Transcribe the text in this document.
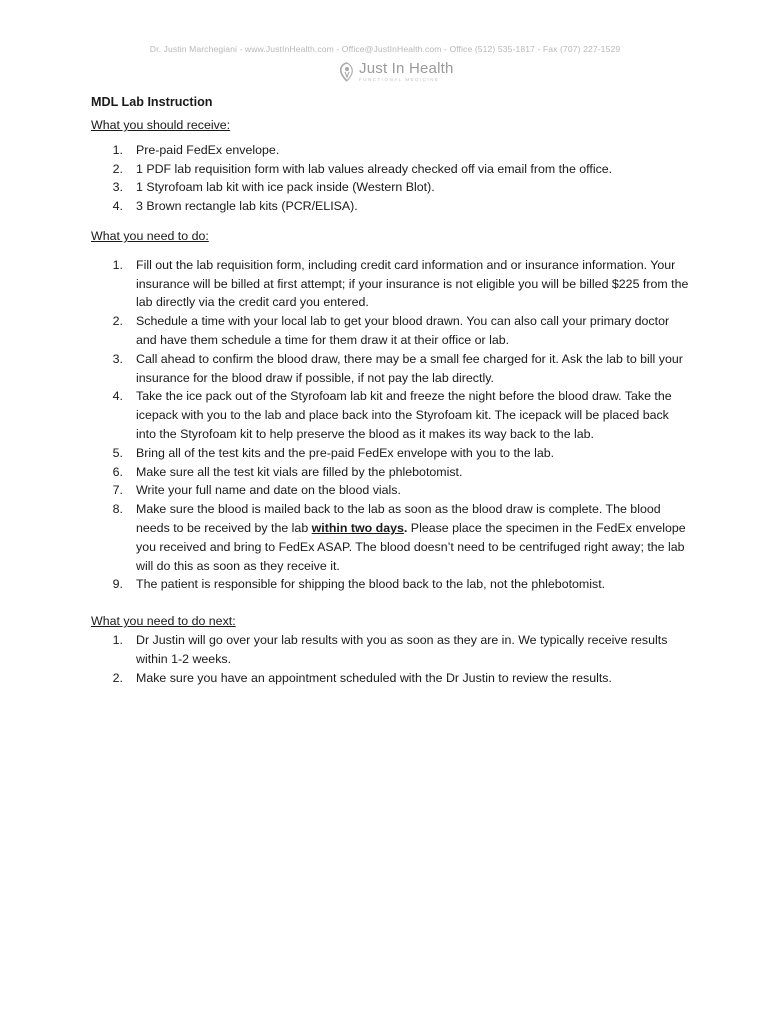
Dr. Justin Marchegiani - www.JustInHealth.com - Office@JustInHealth.com - Office (512) 535-1817 - Fax (707) 227-1529
Just In Health
FUNCTIONAL MEDICINE

MDL Lab Instruction

What you should receive:

1.	Pre-paid FedEx envelope.
2.	1 PDF lab requisition form with lab values already checked off via email from the office.
3.	1 Styrofoam lab kit with ice pack inside (Western Blot).
4.	3 Brown rectangle lab kits (PCR/ELISA).

What you need to do:

1.	Fill out the lab requisition form, including credit card information and or insurance information. Your insurance will be billed at first attempt; if your insurance is not eligible you will be billed $225 from the lab directly via the credit card you entered.
2.	Schedule a time with your local lab to get your blood drawn. You can also call your primary doctor and have them schedule a time for them draw it at their office or lab.
3.	Call ahead to confirm the blood draw, there may be a small fee charged for it. Ask the lab to bill your insurance for the blood draw if possible, if not pay the lab directly.
4.	Take the ice pack out of the Styrofoam lab kit and freeze the night before the blood draw. Take the icepack with you to the lab and place back into the Styrofoam kit. The icepack will be placed back into the Styrofoam kit to help preserve the blood as it makes its way back to the lab.
5.	Bring all of the test kits and the pre-paid FedEx envelope with you to the lab.
6.	Make sure all the test kit vials are filled by the phlebotomist.
7.	Write your full name and date on the blood vials.
8.	Make sure the blood is mailed back to the lab as soon as the blood draw is complete. The blood needs to be received by the lab within two days. Please place the specimen in the FedEx envelope you received and bring to FedEx ASAP. The blood doesn’t need to be centrifuged right away; the lab will do this as soon as they receive it.
9.	The patient is responsible for shipping the blood back to the lab, not the phlebotomist.

What you need to do next:

1.	Dr Justin will go over your lab results with you as soon as they are in. We typically receive results within 1-2 weeks.
2.	Make sure you have an appointment scheduled with the Dr Justin to review the results.
